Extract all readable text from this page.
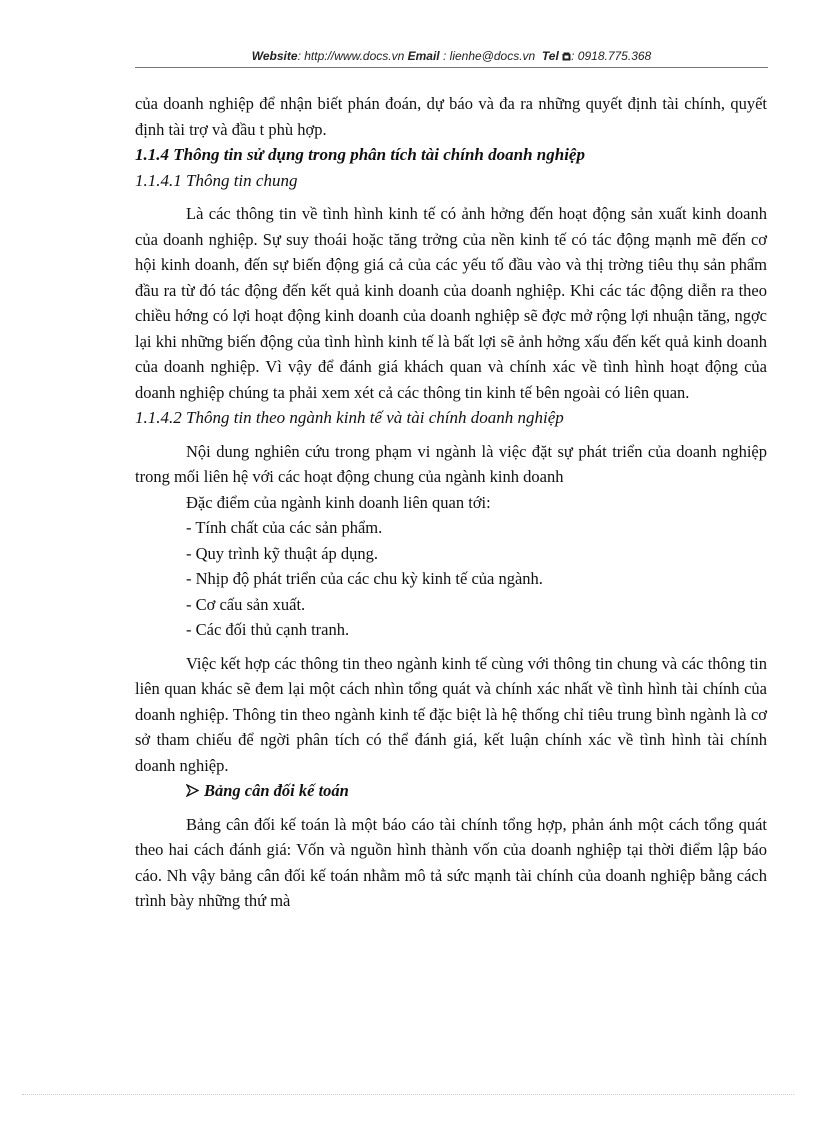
Website: http://www.docs.vn Email : lienhe@docs.vn Tel : 0918.775.368

của doanh nghiệp để nhận biết phán đoán, dự báo và đa ra những quyết định tài chính, quyết định tài trợ và đầu t phù hợp.

1.1.4 Thông tin sử dụng trong phân tích tài chính doanh nghiệp

1.1.4.1 Thông tin chung

Là các thông tin về tình hình kinh tế có ảnh hởng đến hoạt động sản xuất kinh doanh của doanh nghiệp. Sự suy thoái hoặc tăng trởng của nền kinh tế có tác động mạnh mẽ đến cơ hội kinh doanh, đến sự biến động giá cả của các yếu tố đầu vào và thị trờng tiêu thụ sản phẩm đầu ra từ đó tác động đến kết quả kinh doanh của doanh nghiệp. Khi các tác động diễn ra theo chiều hớng có lợi hoạt động kinh doanh của doanh nghiệp sẽ đợc mở rộng lợi nhuận tăng, ngợc lại khi những biến động của tình hình kinh tế là bất lợi sẽ ảnh hởng xấu đến kết quả kinh doanh của doanh nghiệp. Vì vậy để đánh giá khách quan và chính xác về tình hình hoạt động của doanh nghiệp chúng ta phải xem xét cả các thông tin kinh tế bên ngoài có liên quan.

1.1.4.2 Thông tin theo ngành kinh tế và tài chính doanh nghiệp

Nội dung nghiên cứu trong phạm vi ngành là việc đặt sự phát triển của doanh nghiệp trong mối liên hệ với các hoạt động chung của ngành kinh doanh

Đặc điểm của ngành kinh doanh liên quan tới:

- Tính chất của các sản phẩm.

- Quy trình kỹ thuật áp dụng.

- Nhịp độ phát triển của các chu kỳ kinh tế của ngành.

- Cơ cấu sản xuất.

- Các đối thủ cạnh tranh.

Việc kết hợp các thông tin theo ngành kinh tế cùng với thông tin chung và các thông tin liên quan khác sẽ đem lại một cách nhìn tổng quát và chính xác nhất về tình hình tài chính của doanh nghiệp. Thông tin theo ngành kinh tế đặc biệt là hệ thống chỉ tiêu trung bình ngành là cơ sở tham chiếu để ngời phân tích có thể đánh giá, kết luận chính xác về tình hình tài chính doanh nghiệp.

Bảng cân đối kế toán

Bảng cân đối kế toán là một báo cáo tài chính tổng hợp, phản ánh một cách tổng quát theo hai cách đánh giá: Vốn và nguồn hình thành vốn của doanh nghiệp tại thời điểm lập báo cáo. Nh vậy bảng cân đối kế toán nhằm mô tả sức mạnh tài chính của doanh nghiệp bằng cách trình bày những thứ mà
